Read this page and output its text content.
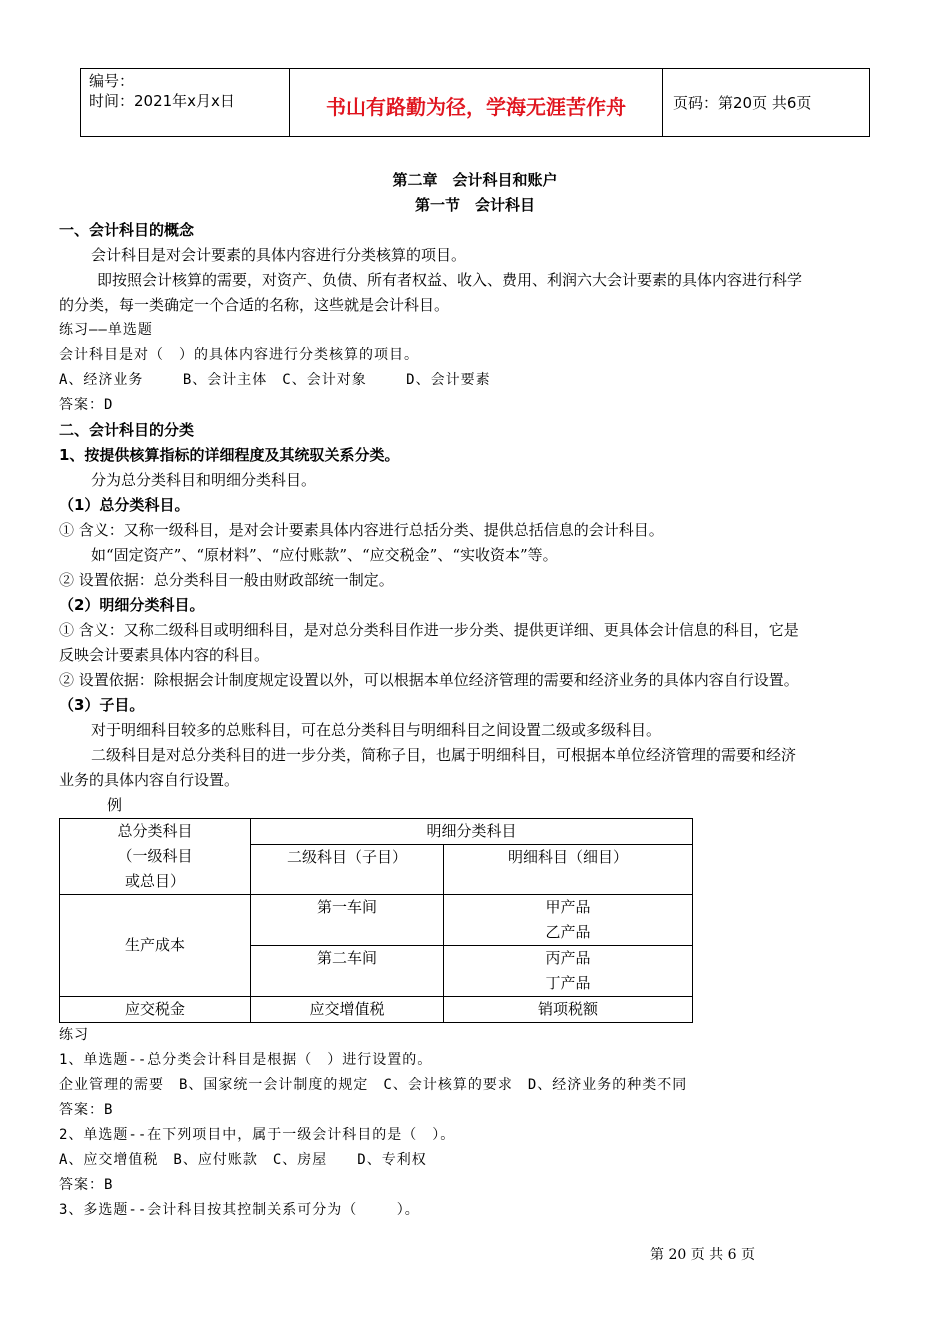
编号：
时间：2021年x月x日	书山有路勤为径，学海无涯苦作舟	页码：第20页 共6页
第二章　会计科目和账户
第一节　会计科目
一、会计科目的概念
会计科目是对会计要素的具体内容进行分类核算的项目。
即按照会计核算的需要，对资产、负债、所有者权益、收入、费用、利润六大会计要素的具体内容进行科学
的分类，每一类确定一个合适的名称，这些就是会计科目。
练习——单选题
会计科目是对（　）的具体内容进行分类核算的项目。
A、经济业务　　 B、会计主体　C、会计对象　　 D、会计要素
答案：D
二、会计科目的分类
1、按提供核算指标的详细程度及其统驭关系分类。
分为总分类科目和明细分类科目。
（1）总分类科目。
① 含义：又称一级科目，是对会计要素具体内容进行总括分类、提供总括信息的会计科目。
如“固定资产”、“原材料”、“应付账款”、“应交税金”、“实收资本”等。
② 设置依据：总分类科目一般由财政部统一制定。
（2）明细分类科目。
① 含义：又称二级科目或明细科目，是对总分类科目作进一步分类、提供更详细、更具体会计信息的科目，它是
反映会计要素具体内容的科目。
② 设置依据：除根据会计制度规定设置以外，可以根据本单位经济管理的需要和经济业务的具体内容自行设置。
（3）子目。
对于明细科目较多的总账科目，可在总分类科目与明细科目之间设置二级或多级科目。
二级科目是对总分类科目的进一步分类，简称子目，也属于明细科目，可根据本单位经济管理的需要和经济
业务的具体内容自行设置。
例
总分类科目
（一级科目
或总目）	明细分类科目	
	二级科目（子目）	明细科目（细目）
生产成本	第一车间	甲产品
乙产品

	第二车间	丙产品
丁产品

应交税金	应交增值税	销项税额
练习
1、单选题--总分类会计科目是根据（　）进行设置的。
企业管理的需要　B、国家统一会计制度的规定　C、会计核算的要求　D、经济业务的种类不同
答案：B
2、单选题--在下列项目中，属于一级会计科目的是（　）。
A、应交增值税　B、应付账款　C、房屋　　D、专利权
答案：B
3、多选题--会计科目按其控制关系可分为（　　 ）。
第 20 页 共 6 页
